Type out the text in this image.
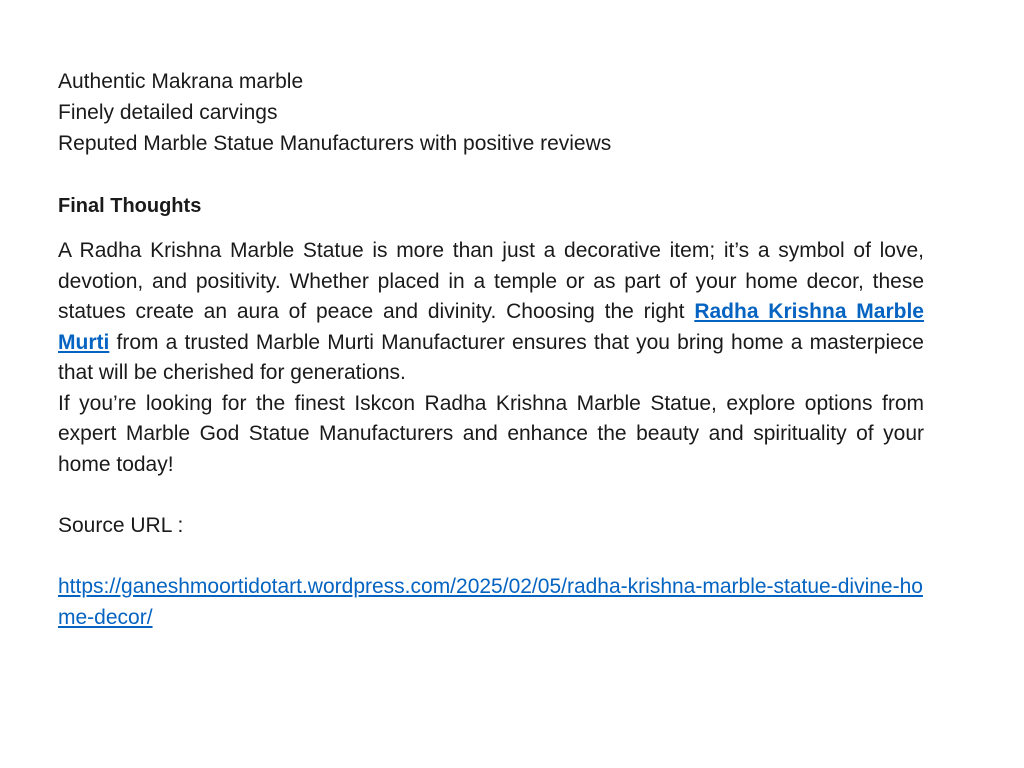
Authentic Makrana marble
Finely detailed carvings
Reputed Marble Statue Manufacturers with positive reviews
Final Thoughts

A Radha Krishna Marble Statue is more than just a decorative item; it’s a symbol of love, devotion, and positivity. Whether placed in a temple or as part of your home decor, these statues create an aura of peace and divinity. Choosing the right Radha Krishna Marble Murti from a trusted Marble Murti Manufacturer ensures that you bring home a masterpiece that will be cherished for generations.

If you’re looking for the finest Iskcon Radha Krishna Marble Statue, explore options from expert Marble God Statue Manufacturers and enhance the beauty and spirituality of your home today!

Source URL :
https://ganeshmoortidotart.wordpress.com/2025/02/05/radha-krishna-marble-statue-divine-home-decor/
